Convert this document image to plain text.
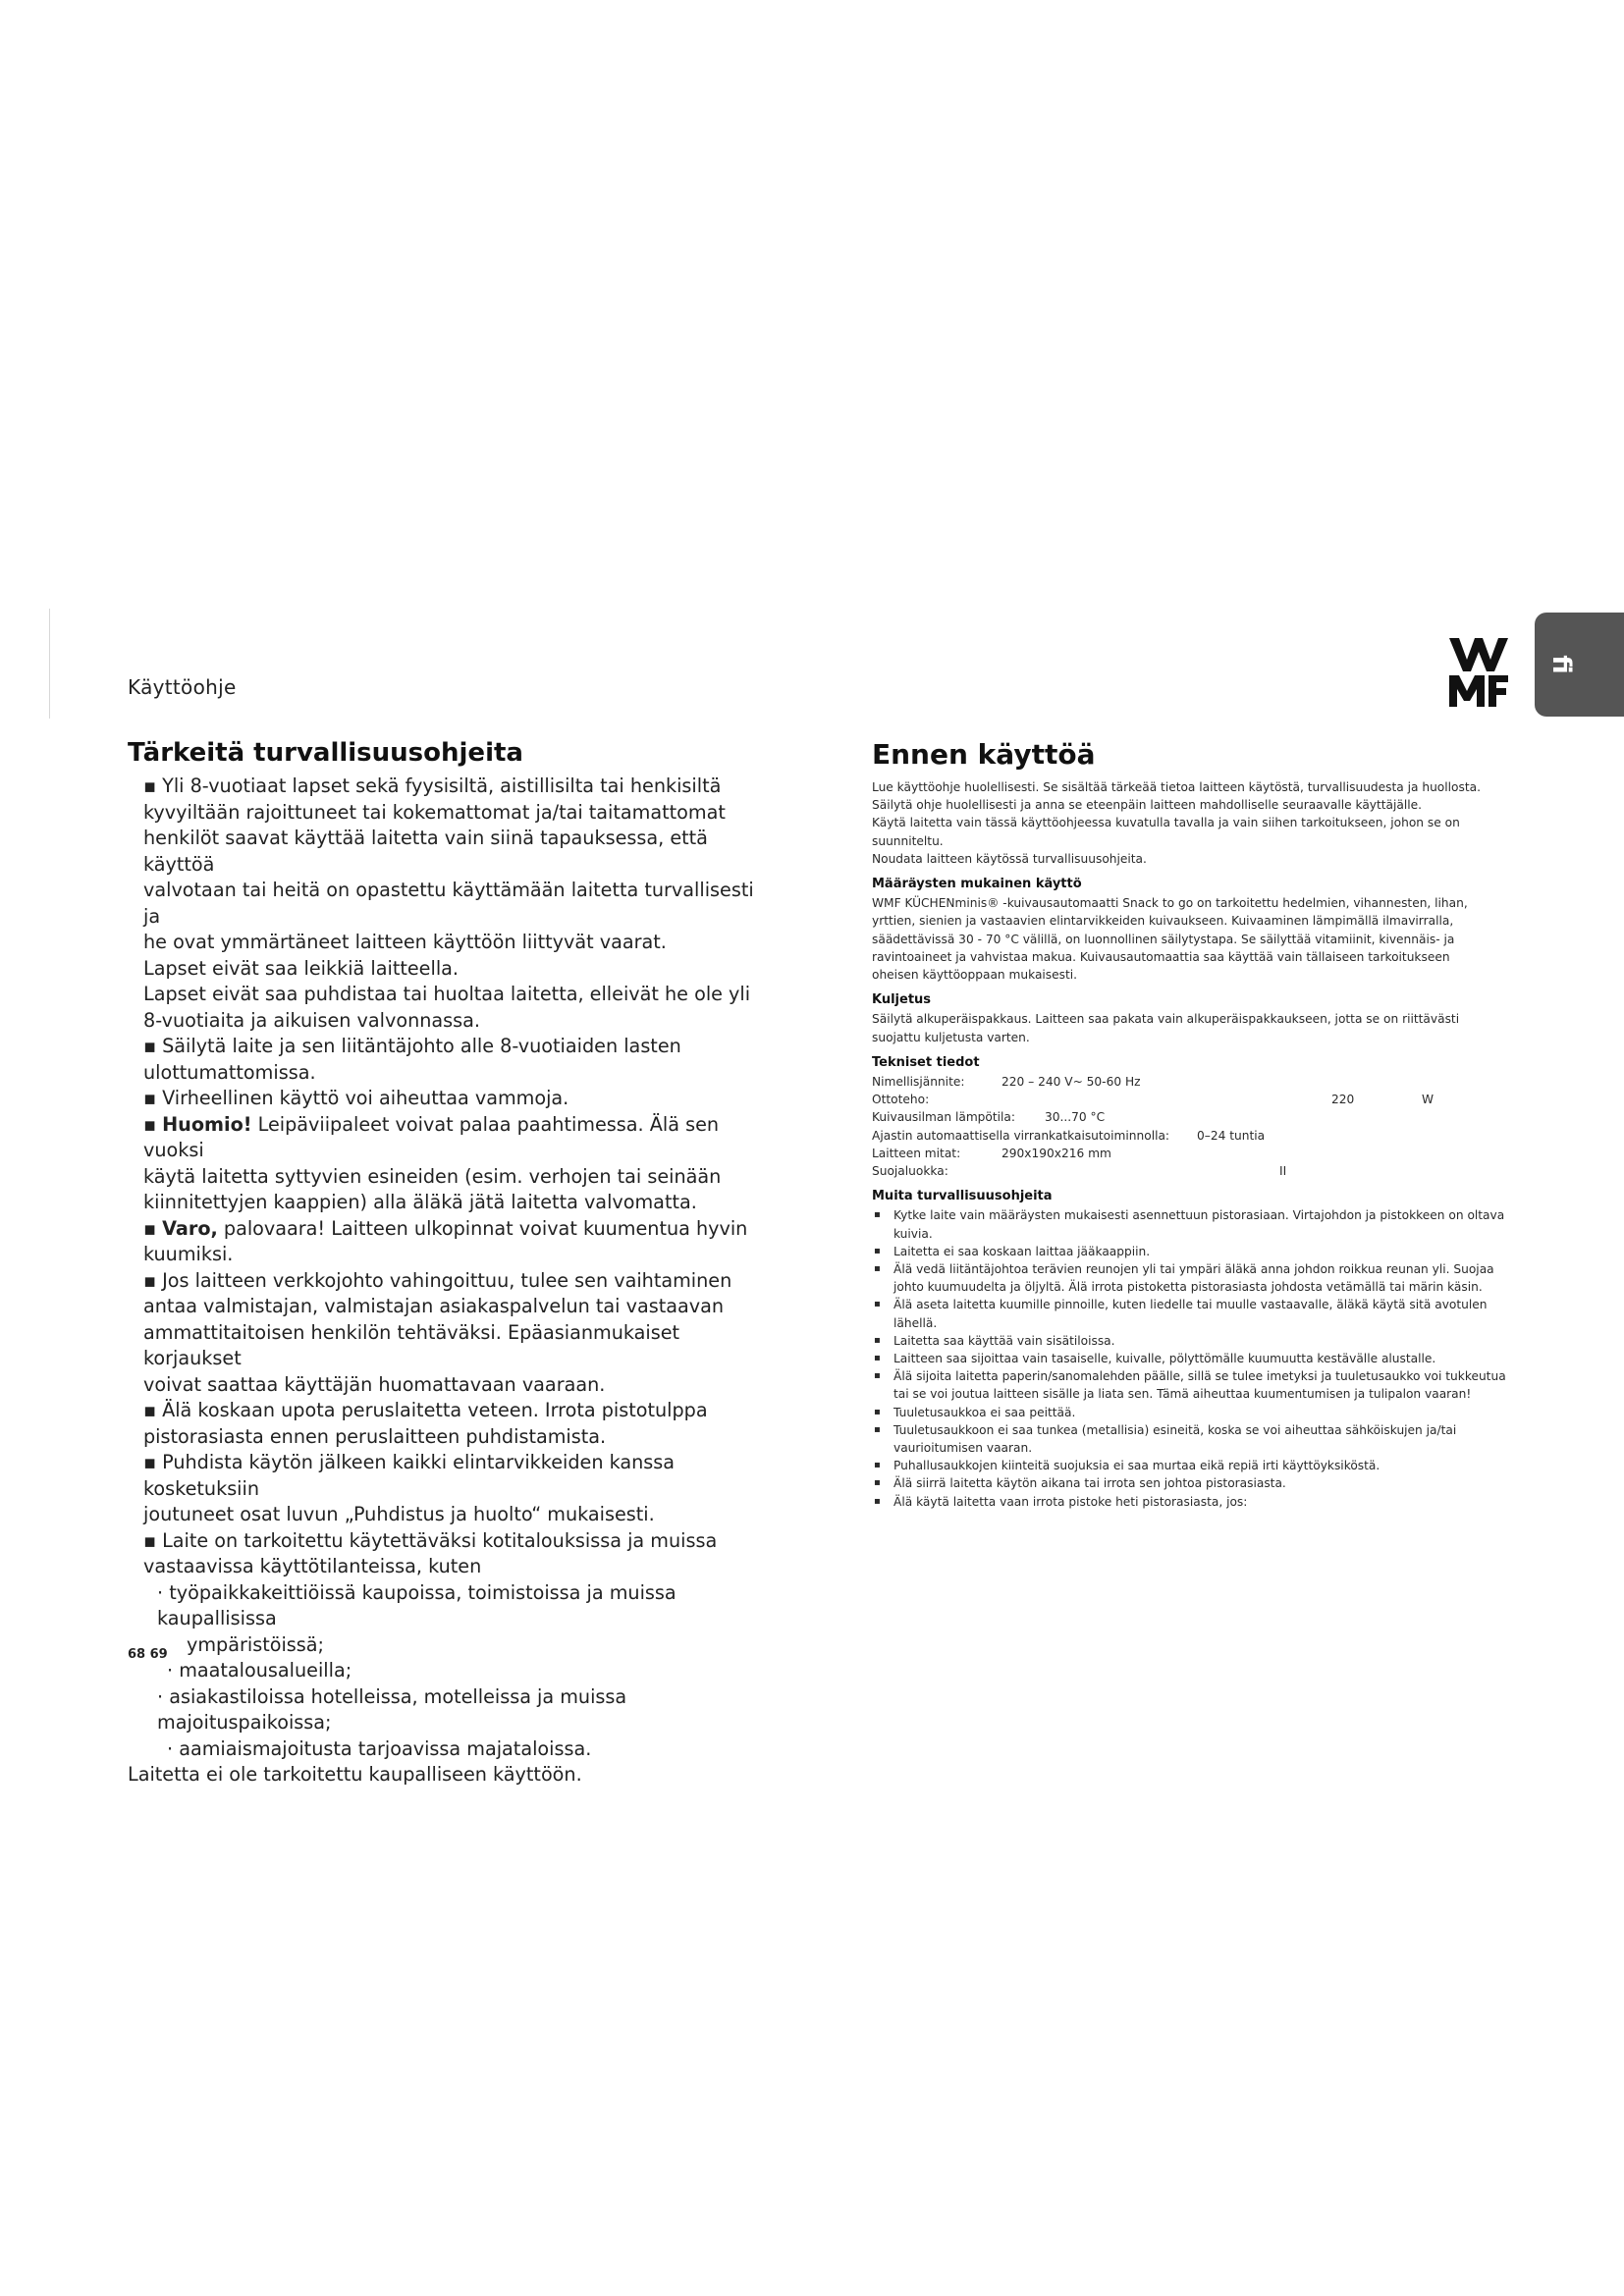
Käyttöohje
fi
Tärkeitä turvallisuusohjeita

▪ Yli 8-vuotiaat lapset sekä fyysisiltä, aistillisilta tai henkisiltä

kyvyiltään rajoittuneet tai kokemattomat ja/tai taitamattomat

henkilöt saavat käyttää laitetta vain siinä tapauksessa, että käyttöä

valvotaan tai heitä on opastettu käyttämään laitetta turvallisesti ja

he ovat ymmärtäneet laitteen käyttöön liittyvät vaarat.

Lapset eivät saa leikkiä laitteella.

Lapset eivät saa puhdistaa tai huoltaa laitetta, elleivät he ole yli

8-vuotiaita ja aikuisen valvonnassa.

▪ Säilytä laite ja sen liitäntäjohto alle 8-vuotiaiden lasten

ulottumattomissa.

▪ Virheellinen käyttö voi aiheuttaa vammoja.

▪ Huomio! Leipäviipaleet voivat palaa paahtimessa. Älä sen vuoksi

käytä laitetta syttyvien esineiden (esim. verhojen tai seinään

kiinnitettyjen kaappien) alla äläkä jätä laitetta valvomatta.

▪ Varo, palovaara! Laitteen ulkopinnat voivat kuumentua hyvin

kuumiksi.

▪ Jos laitteen verkkojohto vahingoittuu, tulee sen vaihtaminen

antaa valmistajan, valmistajan asiakaspalvelun tai vastaavan

ammattitaitoisen henkilön tehtäväksi. Epäasianmukaiset korjaukset

voivat saattaa käyttäjän huomattavaan vaaraan.

▪ Älä koskaan upota peruslaitetta veteen. Irrota pistotulppa

pistorasiasta ennen peruslaitteen puhdistamista.

▪ Puhdista käytön jälkeen kaikki elintarvikkeiden kanssa kosketuksiin

joutuneet osat luvun „Puhdistus ja huolto“ mukaisesti.

▪ Laite on tarkoitettu käytettäväksi kotitalouksissa ja muissa

vastaavissa käyttötilanteissa, kuten

· työpaikkakeittiöissä kaupoissa, toimistoissa ja muissa kaupallisissa

ympäristöissä;

· maatalousalueilla;

· asiakastiloissa hotelleissa, motelleissa ja muissa majoituspaikoissa;

· aamiaismajoitusta tarjoavissa majataloissa.

Laitetta ei ole tarkoitettu kaupalliseen käyttöön.

Ennen käyttöä

Lue käyttöohje huolellisesti. Se sisältää tärkeää tietoa laitteen käytöstä, turvallisuudesta ja huollosta.

Säilytä ohje huolellisesti ja anna se eteenpäin laitteen mahdolliselle seuraavalle käyttäjälle.

Käytä laitetta vain tässä käyttöohjeessa kuvatulla tavalla ja vain siihen tarkoitukseen, johon se on

suunniteltu.

Noudata laitteen käytössä turvallisuusohjeita.

Määräysten mukainen käyttö

WMF KÜCHENminis® -kuivausautomaatti Snack to go on tarkoitettu hedelmien, vihannesten, lihan,

yrttien, sienien ja vastaavien elintarvikkeiden kuivaukseen. Kuivaaminen lämpimällä ilmavirralla,

säädettävissä 30 - 70 °C välillä, on luonnollinen säilytystapa. Se säilyttää vitamiinit, kivennäis- ja

ravintoaineet ja vahvistaa makua. Kuivausautomaattia saa käyttää vain tällaiseen tarkoitukseen

oheisen käyttöoppaan mukaisesti.

Kuljetus

Säilytä alkuperäispakkaus. Laitteen saa pakata vain alkuperäispakkaukseen, jotta se on riittävästi

suojattu kuljetusta varten.

Tekniset tiedot
Nimellisjännite:	220 – 240 V~ 50-60 Hz
Ottoteho:	220	W
Kuivausilman lämpötila: 30...70 °C
Ajastin automaattisella virrankatkaisutoiminnolla: 0–24 tuntia
Laitteen mitat:	290x190x216 mm
Suojaluokka:	II
Muita turvallisuusohjeita
▪ Kytke laite vain määräysten mukaisesti asennettuun pistorasiaan. Virtajohdon ja pistokkeen on oltava kuivia.
▪ Laitetta ei saa koskaan laittaa jääkaappiin.
▪ Älä vedä liitäntäjohtoa terävien reunojen yli tai ympäri äläkä anna johdon roikkua reunan yli. Suojaa johto kuumuudelta ja öljyltä. Älä irrota pistoketta pistorasiasta johdosta vetämällä tai märin käsin.
▪ Älä aseta laitetta kuumille pinnoille, kuten liedelle tai muulle vastaavalle, äläkä käytä sitä avotulen lähellä.
▪ Laitetta saa käyttää vain sisätiloissa.
▪ Laitteen saa sijoittaa vain tasaiselle, kuivalle, pölyttömälle kuumuutta kestävälle alustalle.
▪ Älä sijoita laitetta paperin/sanomalehden päälle, sillä se tulee imetyksi ja tuuletusaukko voi tukkeutua tai se voi joutua laitteen sisälle ja liata sen. Tämä aiheuttaa kuumentumisen ja tulipalon vaaran!
▪ Tuuletusaukkoa ei saa peittää.
▪ Tuuletusaukkoon ei saa tunkea (metallisia) esineitä, koska se voi aiheuttaa sähköiskujen ja/tai vaurioitumisen vaaran.
▪ Puhallusaukkojen kiinteitä suojuksia ei saa murtaa eikä repiä irti käyttöyksiköstä.
▪ Älä siirrä laitetta käytön aikana tai irrota sen johtoa pistorasiasta.
▪ Älä käytä laitetta vaan irrota pistoke heti pistorasiasta, jos:
68 69
